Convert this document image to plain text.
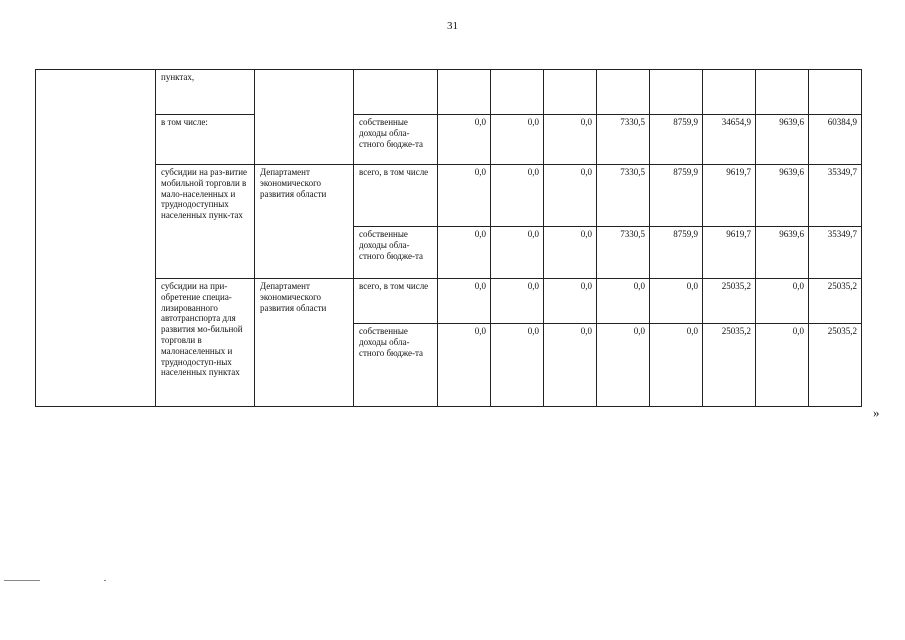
31
	пунктах,										
	в том числе:		собственные доходы обла-стного бюдже-та	0,0	0,0	0,0	7330,5	8759,9	34654,9	9639,6	60384,9
	субсидии на раз-витие мобильной торговли в мало-населенных и труднодоступных населенных пунк-тах	Департамент экономического развития области	всего, в том числе	0,0	0,0	0,0	7330,5	8759,9	9619,7	9639,6	35349,7
			собственные доходы обла-стного бюдже-та	0,0	0,0	0,0	7330,5	8759,9	9619,7	9639,6	35349,7
	субсидии на при-обретение специа-лизированного автотранспорта для развития мо-бильной торговли в малонаселенных и труднодоступ-ных населенных пунктах	Департамент экономического развития области	всего, в том числе	0,0	0,0	0,0	0,0	0,0	25035,2	0,0	25035,2
			собственные доходы обла-стного бюдже-та	0,0	0,0	0,0	0,0	0,0	25035,2	0,0	25035,2
»
